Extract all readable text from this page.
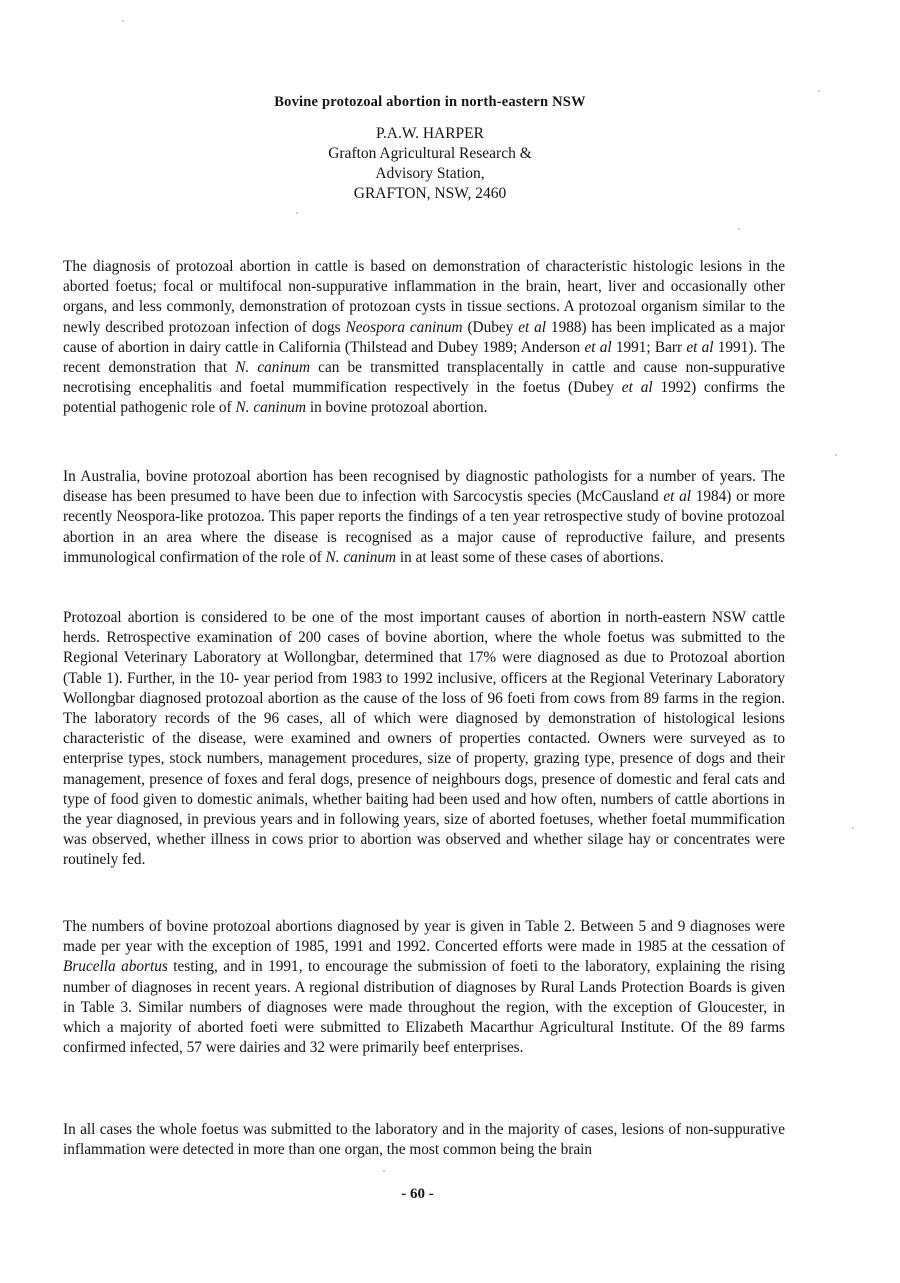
Bovine protozoal abortion in north-eastern NSW
P.A.W. HARPER
Grafton Agricultural Research &
Advisory Station,
GRAFTON, NSW, 2460

The diagnosis of protozoal abortion in cattle is based on demonstration of characteristic histologic lesions in the aborted foetus; focal or multifocal non-suppurative inflammation in the brain, heart, liver and occasionally other organs, and less commonly, demonstration of protozoan cysts in tissue sections. A protozoal organism similar to the newly described protozoan infection of dogs Neospora caninum (Dubey et al 1988) has been implicated as a major cause of abortion in dairy cattle in California (Thilstead and Dubey 1989; Anderson et al 1991; Barr et al 1991). The recent demonstration that N. caninum can be transmitted transplacentally in cattle and cause non-suppurative necrotising encephalitis and foetal mummification respectively in the foetus (Dubey et al 1992) confirms the potential pathogenic role of N. caninum in bovine protozoal abortion.

In Australia, bovine protozoal abortion has been recognised by diagnostic pathologists for a number of years. The disease has been presumed to have been due to infection with Sarcocystis species (McCausland et al 1984) or more recently Neospora-like protozoa. This paper reports the findings of a ten year retrospective study of bovine protozoal abortion in an area where the disease is recognised as a major cause of reproductive failure, and presents immunological confirmation of the role of N. caninum in at least some of these cases of abortions.

Protozoal abortion is considered to be one of the most important causes of abortion in north-eastern NSW cattle herds. Retrospective examination of 200 cases of bovine abortion, where the whole foetus was submitted to the Regional Veterinary Laboratory at Wollongbar, determined that 17% were diagnosed as due to Protozoal abortion (Table 1). Further, in the 10- year period from 1983 to 1992 inclusive, officers at the Regional Veterinary Laboratory Wollongbar diagnosed protozoal abortion as the cause of the loss of 96 foeti from cows from 89 farms in the region. The laboratory records of the 96 cases, all of which were diagnosed by demonstration of histological lesions characteristic of the disease, were examined and owners of properties contacted. Owners were surveyed as to enterprise types, stock numbers, management procedures, size of property, grazing type, presence of dogs and their management, presence of foxes and feral dogs, presence of neighbours dogs, presence of domestic and feral cats and type of food given to domestic animals, whether baiting had been used and how often, numbers of cattle abortions in the year diagnosed, in previous years and in following years, size of aborted foetuses, whether foetal mummification was observed, whether illness in cows prior to abortion was observed and whether silage hay or concentrates were routinely fed.

The numbers of bovine protozoal abortions diagnosed by year is given in Table 2. Between 5 and 9 diagnoses were made per year with the exception of 1985, 1991 and 1992. Concerted efforts were made in 1985 at the cessation of Brucella abortus testing, and in 1991, to encourage the submission of foeti to the laboratory, explaining the rising number of diagnoses in recent years. A regional distribution of diagnoses by Rural Lands Protection Boards is given in Table 3. Similar numbers of diagnoses were made throughout the region, with the exception of Gloucester, in which a majority of aborted foeti were submitted to Elizabeth Macarthur Agricultural Institute. Of the 89 farms confirmed infected, 57 were dairies and 32 were primarily beef enterprises.

In all cases the whole foetus was submitted to the laboratory and in the majority of cases, lesions of non-suppurative inflammation were detected in more than one organ, the most common being the brain

- 60 -
